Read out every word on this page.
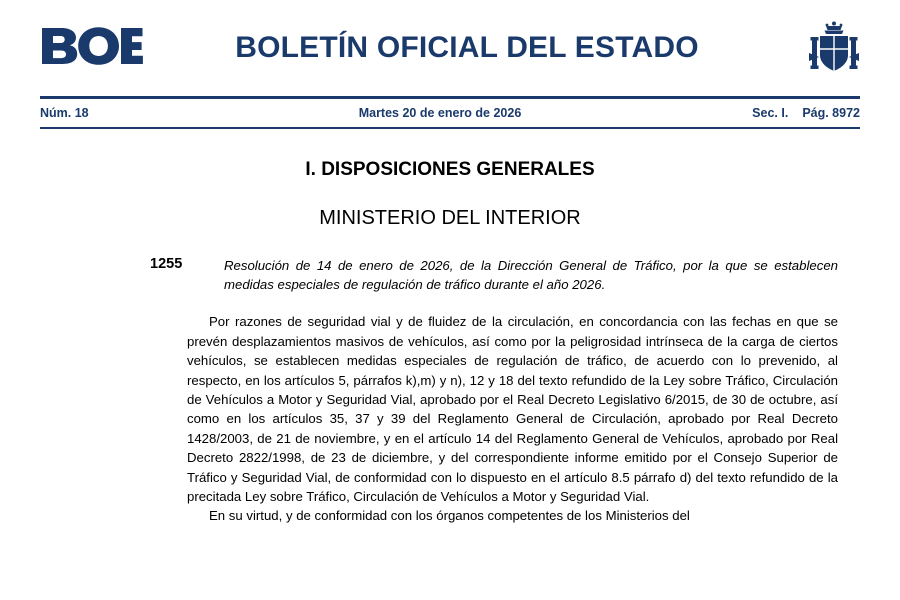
BOLETÍN OFICIAL DEL ESTADO
Núm. 18	Martes 20 de enero de 2026	Sec. I. Pág. 8972
I. DISPOSICIONES GENERALES
MINISTERIO DEL INTERIOR
1255	Resolución de 14 de enero de 2026, de la Dirección General de Tráfico, por la que se establecen medidas especiales de regulación de tráfico durante el año 2026.

Por razones de seguridad vial y de fluidez de la circulación, en concordancia con las fechas en que se prevén desplazamientos masivos de vehículos, así como por la peligrosidad intrínseca de la carga de ciertos vehículos, se establecen medidas especiales de regulación de tráfico, de acuerdo con lo prevenido, al respecto, en los artículos 5, párrafos k),m) y n), 12 y 18 del texto refundido de la Ley sobre Tráfico, Circulación de Vehículos a Motor y Seguridad Vial, aprobado por el Real Decreto Legislativo 6/2015, de 30 de octubre, así como en los artículos 35, 37 y 39 del Reglamento General de Circulación, aprobado por Real Decreto 1428/2003, de 21 de noviembre, y en el artículo 14 del Reglamento General de Vehículos, aprobado por Real Decreto 2822/1998, de 23 de diciembre, y del correspondiente informe emitido por el Consejo Superior de Tráfico y Seguridad Vial, de conformidad con lo dispuesto en el artículo 8.5 párrafo d) del texto refundido de la precitada Ley sobre Tráfico, Circulación de Vehículos a Motor y Seguridad Vial.

En su virtud, y de conformidad con los órganos competentes de los Ministerios del
